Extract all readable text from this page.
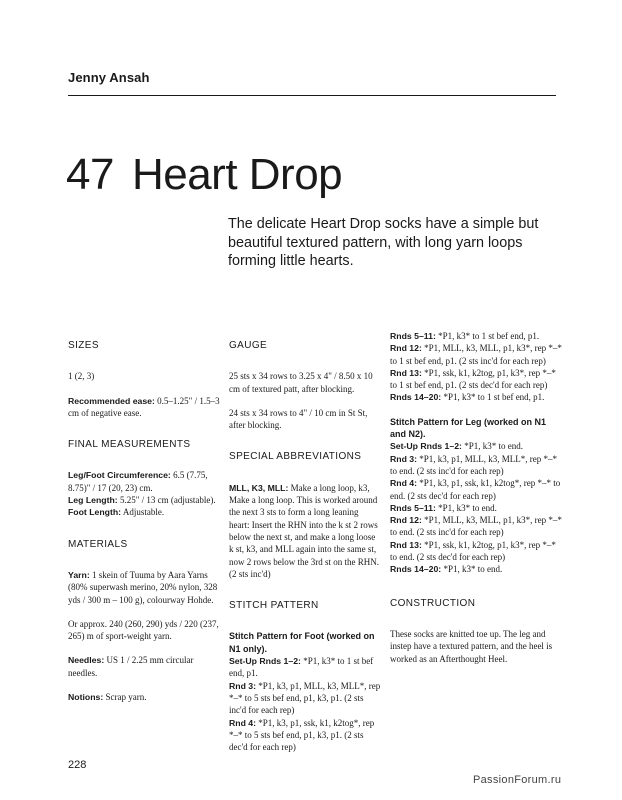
Jenny Ansah
47 Heart Drop
The delicate Heart Drop socks have a simple but beautiful textured pattern, with long yarn loops forming little hearts.
SIZES
1 (2, 3)
Recommended ease: 0.5–1.25" / 1.5–3 cm of negative ease.
FINAL MEASUREMENTS
Leg/Foot Circumference: 6.5 (7.75, 8.75)" / 17 (20, 23) cm.
Leg Length: 5.25" / 13 cm (adjustable).
Foot Length: Adjustable.
MATERIALS
Yarn: 1 skein of Tuuma by Aara Yarns (80% superwash merino, 20% nylon, 328 yds / 300 m – 100 g), colourway Hohde.
Or approx. 240 (260, 290) yds / 220 (237, 265) m of sport-weight yarn.
Needles: US 1 / 2.25 mm circular needles.
Notions: Scrap yarn.
GAUGE
25 sts x 34 rows to 3.25 x 4" / 8.50 x 10 cm of textured patt, after blocking.
24 sts x 34 rows to 4" / 10 cm in St St, after blocking.
SPECIAL ABBREVIATIONS
MLL, K3, MLL: Make a long loop, k3, Make a long loop. This is worked around the next 3 sts to form a long leaning heart: Insert the RHN into the k st 2 rows below the next st, and make a long loose k st, k3, and MLL again into the same st, now 2 rows below the 3rd st on the RHN. (2 sts inc'd)
STITCH PATTERN
Stitch Pattern for Foot (worked on N1 only).
Set-Up Rnds 1–2: *P1, k3* to 1 st bef end, p1.
Rnd 3: *P1, k3, p1, MLL, k3, MLL*, rep *–* to 5 sts bef end, p1, k3, p1. (2 sts inc'd for each rep)
Rnd 4: *P1, k3, p1, ssk, k1, k2tog*, rep *–* to 5 sts bef end, p1, k3, p1. (2 sts dec'd for each rep)
Rnds 5–11: *P1, k3* to 1 st bef end, p1.
Rnd 12: *P1, MLL, k3, MLL, p1, k3*, rep *–* to 1 st bef end, p1. (2 sts inc'd for each rep)
Rnd 13: *P1, ssk, k1, k2tog, p1, k3*, rep *–* to 1 st bef end, p1. (2 sts dec'd for each rep)
Rnds 14–20: *P1, k3* to 1 st bef end, p1.
Stitch Pattern for Leg (worked on N1 and N2).
Set-Up Rnds 1–2: *P1, k3* to end.
Rnd 3: *P1, k3, p1, MLL, k3, MLL*, rep *–* to end. (2 sts inc'd for each rep)
Rnd 4: *P1, k3, p1, ssk, k1, k2tog*, rep *–* to end. (2 sts dec'd for each rep)
Rnds 5–11: *P1, k3* to end.
Rnd 12: *P1, MLL, k3, MLL, p1, k3*, rep *–* to end. (2 sts inc'd for each rep)
Rnd 13: *P1, ssk, k1, k2tog, p1, k3*, rep *–* to end. (2 sts dec'd for each rep)
Rnds 14–20: *P1, k3* to end.
CONSTRUCTION
These socks are knitted toe up. The leg and instep have a textured pattern, and the heel is worked as an Afterthought Heel.
228
PassionForum.ru
